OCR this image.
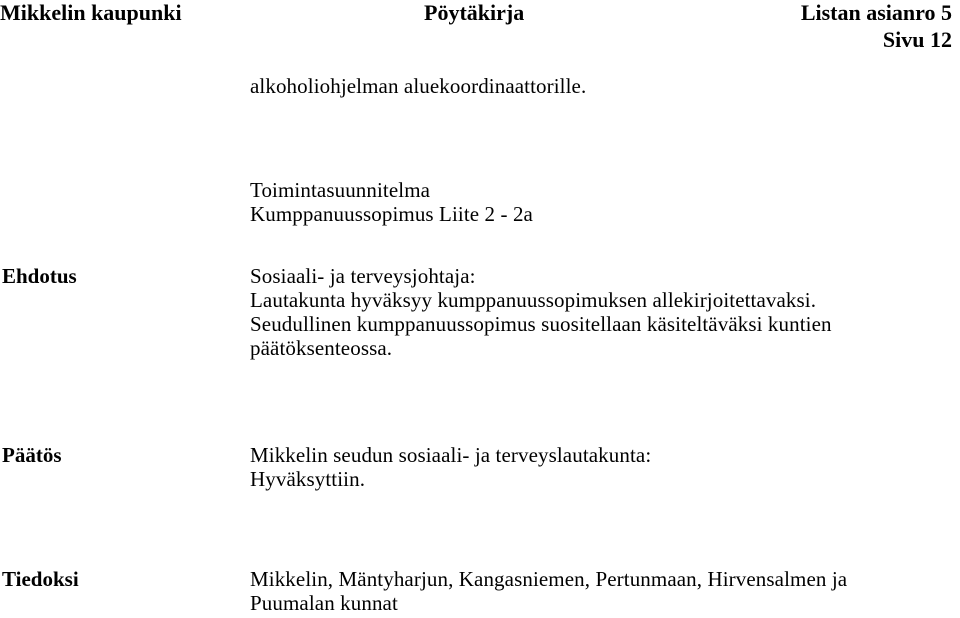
Mikkelin kaupunki	Pöytäkirja	Listan asianro 5
Sivu 12
alkoholiohjelman aluekoordinaattorille.
Toimintasuunnitelma
Kumppanuussopimus Liite 2 - 2a
Ehdotus	Sosiaali- ja terveysjohtaja:
Lautakunta hyväksyy kumppanuussopimuksen allekirjoitettavaksi.
Seudullinen kumppanuussopimus suositellaan käsiteltäväksi kuntien
päätöksenteossa.
Päätös	Mikkelin seudun sosiaali- ja terveyslautakunta:
Hyväksyttiin.
Tiedoksi	Mikkelin, Mäntyharjun, Kangasniemen, Pertunmaan, Hirvensalmen ja
Puumalan kunnat
